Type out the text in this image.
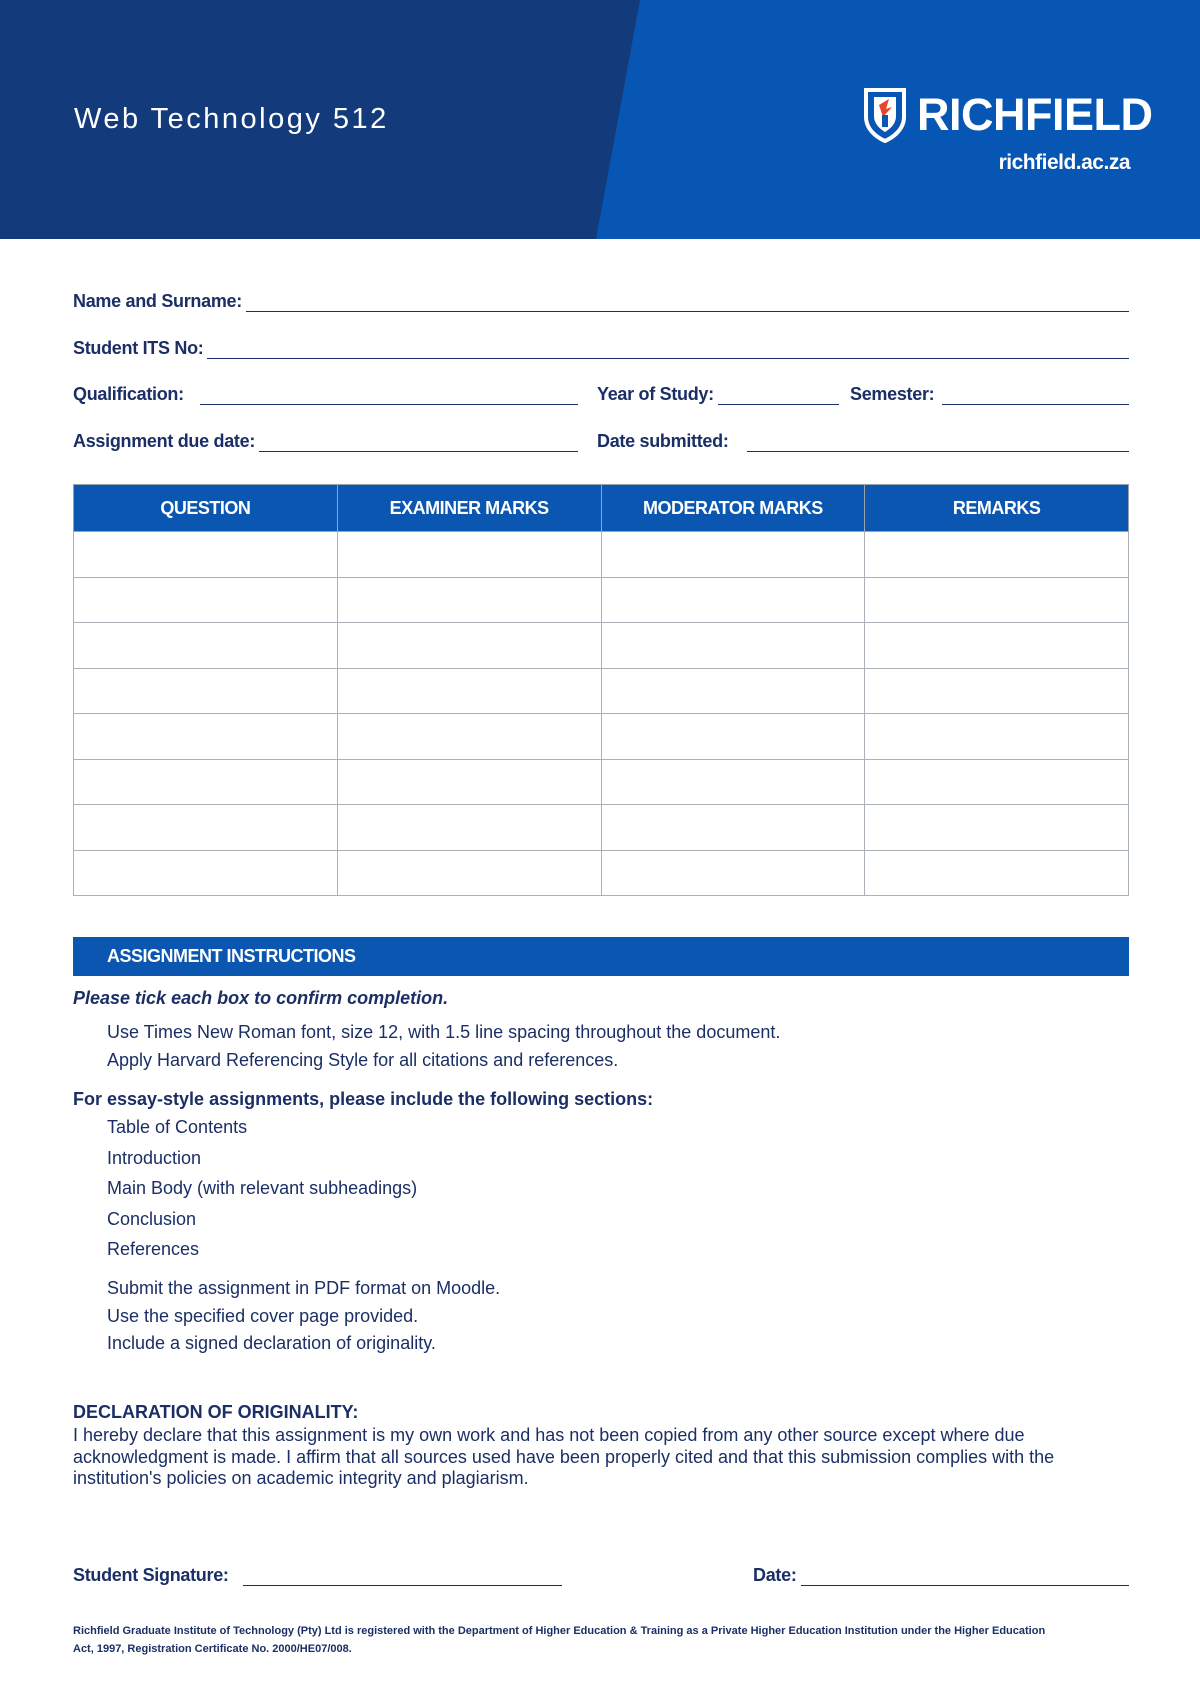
Web Technology 512	RICHFIELD
richfield.ac.za
Name and Surname:
Student ITS No:
Qualification:	Year of Study:	Semester:
Assignment due date:	Date submitted:
QUESTION	EXAMINER MARKS	MODERATOR MARKS	REMARKS

ASSIGNMENT INSTRUCTIONS
Please tick each box to confirm completion.
Use Times New Roman font, size 12, with 1.5 line spacing throughout the document.
Apply Harvard Referencing Style for all citations and references.
For essay-style assignments, please include the following sections:
Table of Contents
Introduction
Main Body (with relevant subheadings)
Conclusion
References
Submit the assignment in PDF format on Moodle.
Use the specified cover page provided.
Include a signed declaration of originality.
DECLARATION OF ORIGINALITY:
I hereby declare that this assignment is my own work and has not been copied from any other source except where due acknowledgment is made. I affirm that all sources used have been properly cited and that this submission complies with the institution's policies on academic integrity and plagiarism.
Student Signature:	Date:
Richfield Graduate Institute of Technology (Pty) Ltd is registered with the Department of Higher Education & Training as a Private Higher Education Institution under the Higher Education Act, 1997, Registration Certificate No. 2000/HE07/008.
